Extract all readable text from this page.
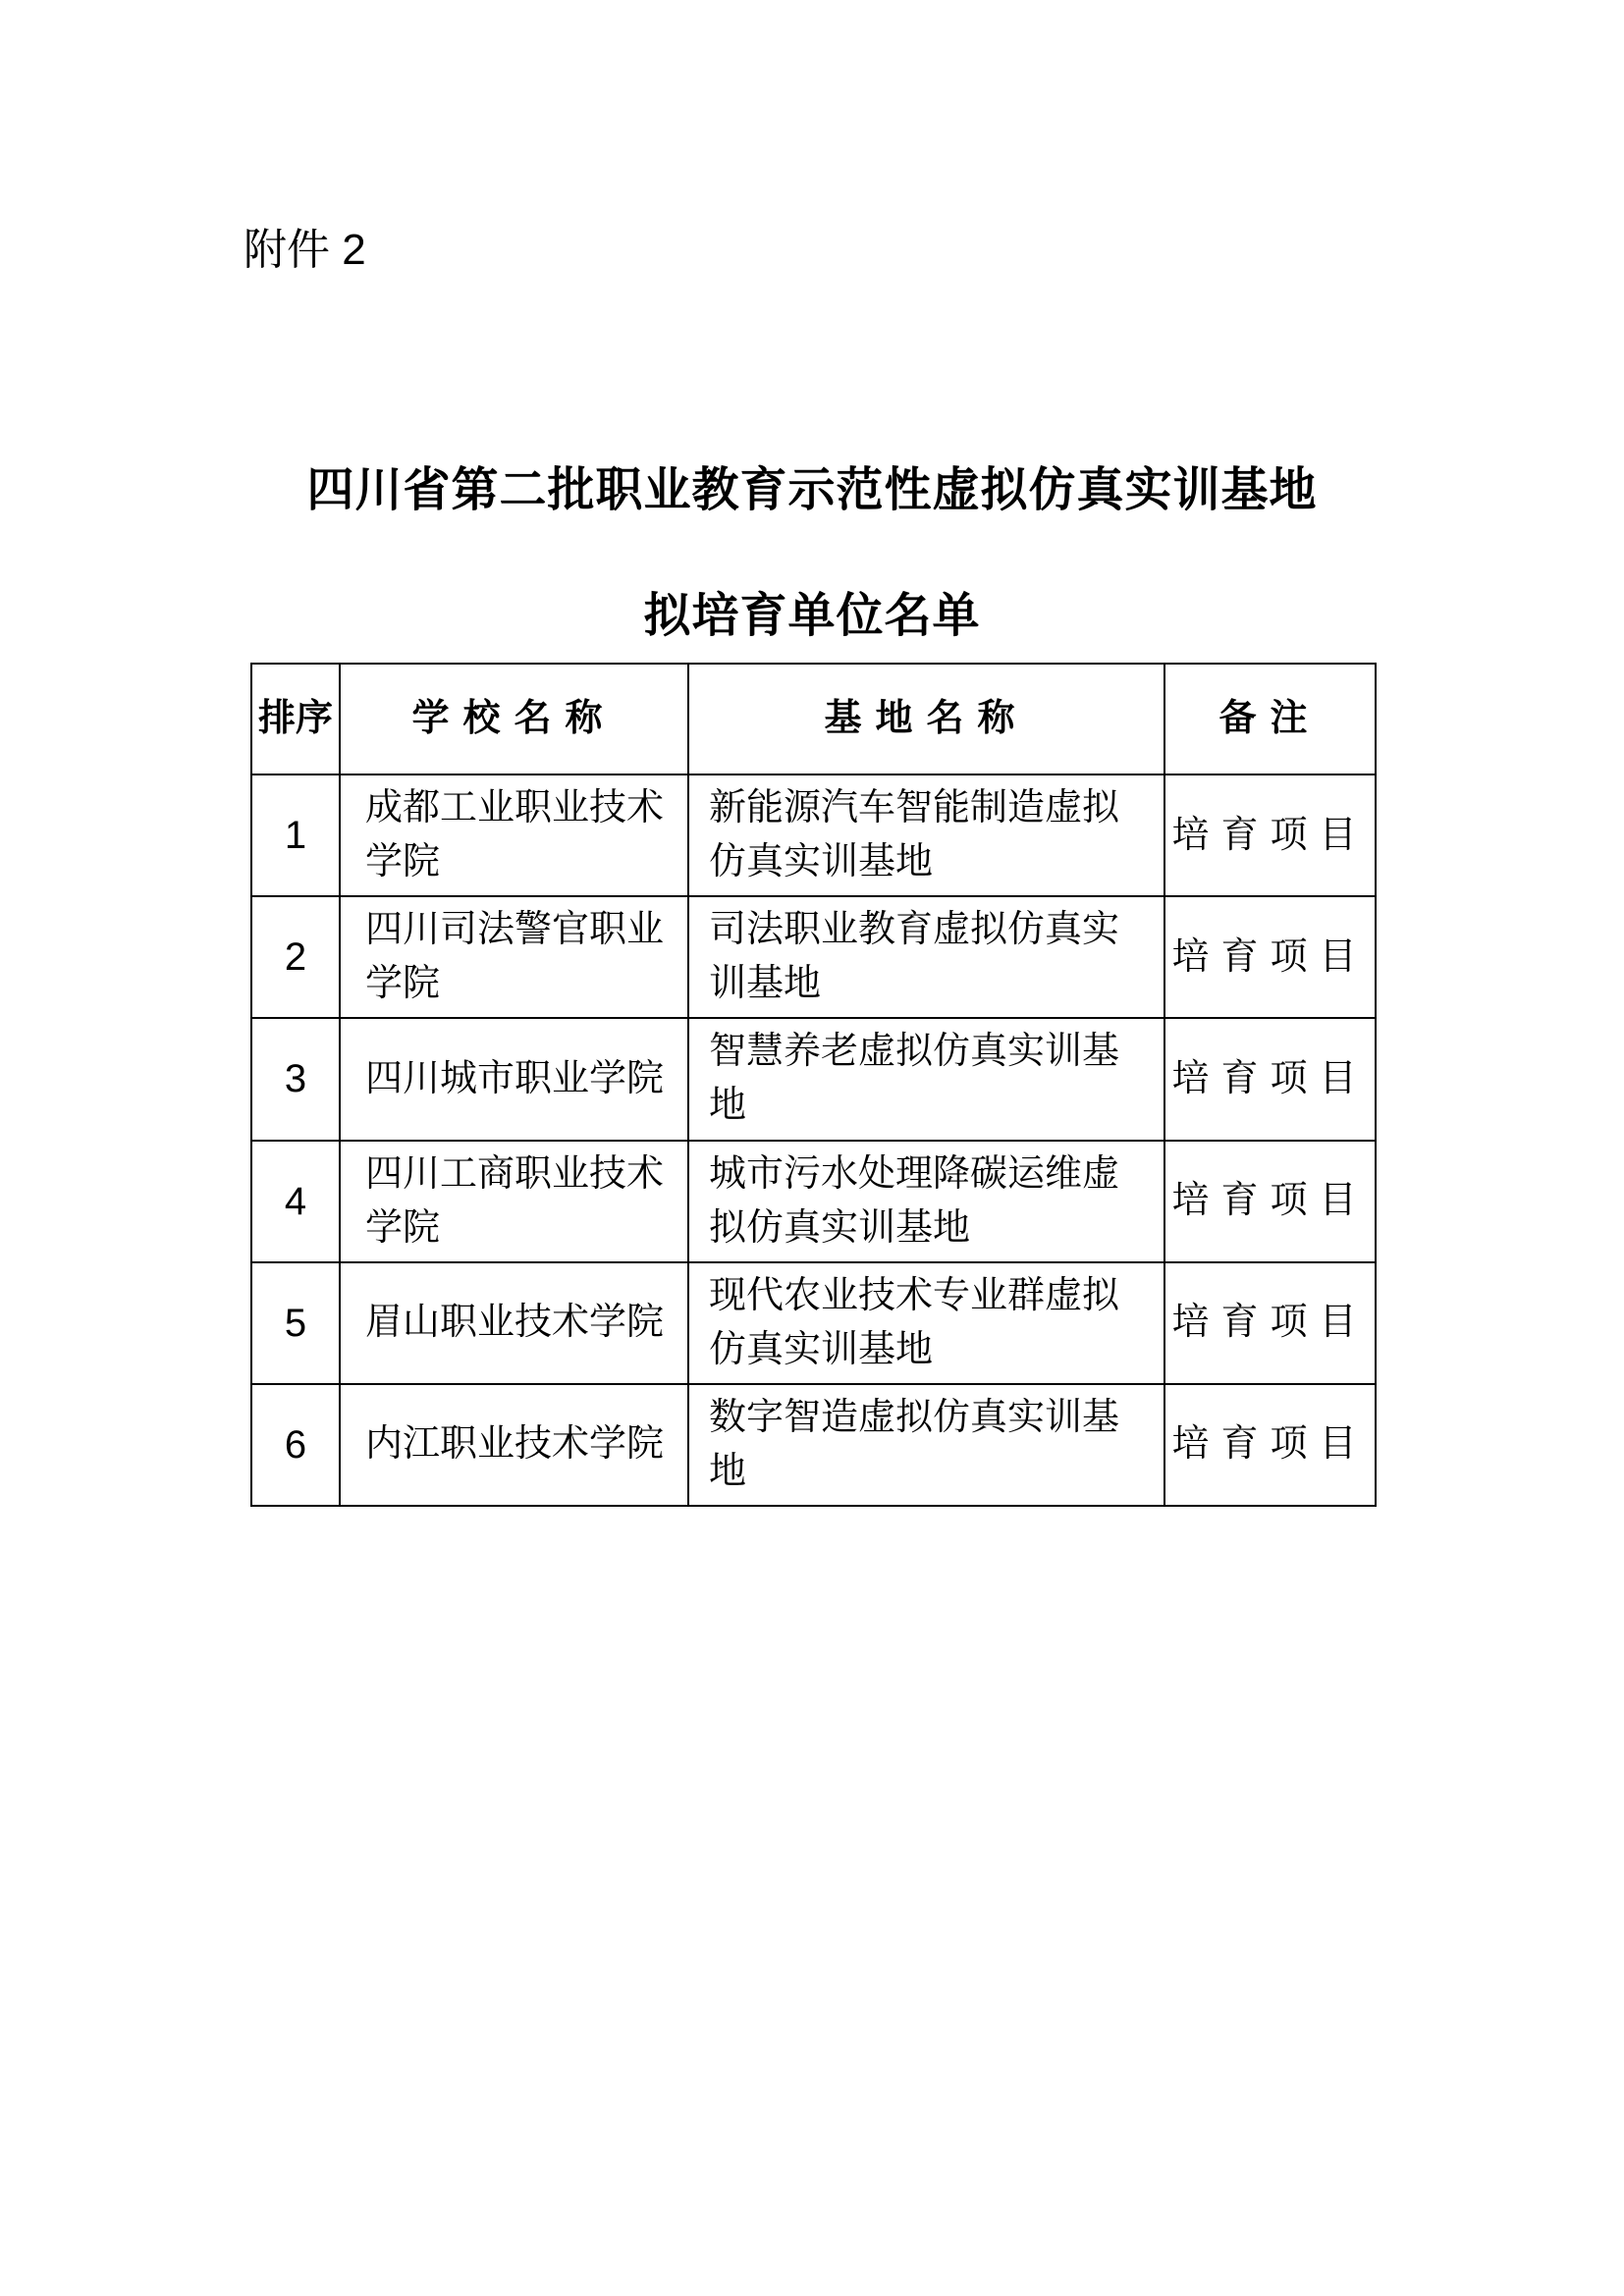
附件 2
四川省第二批职业教育示范性虚拟仿真实训基地
拟培育单位名单
排序	学校名称	基地名称	备注
1	成都工业职业技术学院	新能源汽车智能制造虚拟仿真实训基地	培育项目
2	四川司法警官职业学院	司法职业教育虚拟仿真实训基地	培育项目
3	四川城市职业学院	智慧养老虚拟仿真实训基地	培育项目
4	四川工商职业技术学院	城市污水处理降碳运维虚拟仿真实训基地	培育项目
5	眉山职业技术学院	现代农业技术专业群虚拟仿真实训基地	培育项目
6	内江职业技术学院	数字智造虚拟仿真实训基地	培育项目
